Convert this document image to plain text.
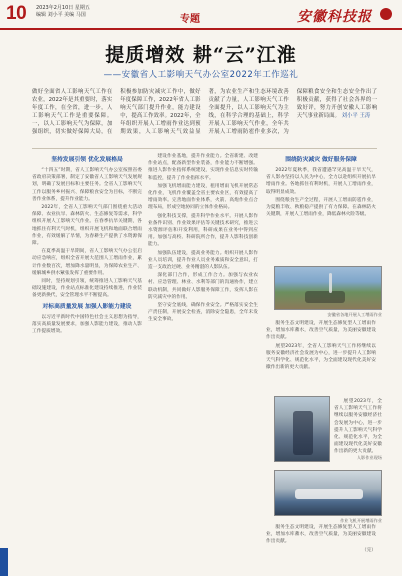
10 2023年2月10日 星期五
编辑 刘小平 美编 马国	专题	安徽科技报
提质增效 耕“云”江淮
——安徽省人工影响天气办公室2022年工作巡礼
做好全面省人工影响天气工作在农业，2022年是其重要时，落实年度工作，在全省，进一步，人工影响天气工作是重要保障。一，以人工影响天气为保障，加强组织，切实做好保障大局，在积极参加防灾减灾工作中，做好年度保障工作，2022年省人工影响天气部门提升作业，能力建设中，提高工作效率。2022年，全年组织开展人工增雨作业达到预期效果，人工影响天气效益显著，为农业生产和生态环境改善贡献了力量，人工影响天气工作全面提升，以人工影响天气为主线，在科学合理的基础上，科学开展人工影响天气作业，全年共开展人工增雨防雹作业多次，为保障粮食安全和生态安全作出了积极贡献，获得了社会各界的一致好评，努力开创安徽人工影响天气事业新局面。 刘小平 王涛
坚持发展引领 优化发展格局

“十四五”时期，省人工影响天气办公室按照省委省政府决策部署，制定了安徽省人工影响天气发展规划，明确了发展目标和主要任务。全省人工影响天气工作以服务乡村振兴、保障粮食安全为目标，不断完善作业体系，提升作业能力。

2022年，全省人工影响天气部门围绕重大活动保障、农业抗旱、森林防火、生态修复等需求，科学组织开展人工影响天气作业。在春季抗旱关键期，各地抓住有利天气时机，组织开展飞机和地面联合增雨作业，有效缓解了旱情，为春耕生产提供了水资源保障。

在夏季高温干旱期间，省人工影响天气办公室启动应急响应，组织全省开展大范围人工增雨作业，累计作业数百次，增加降水量明显，为保障农业生产、缓解城乡供水紧张发挥了重要作用。

同时，坚持规划引领，统筹推进人工影响天气基础设施建设，作业站点标准化建设持续推进，作业装备更新换代，安全管理水平不断提高。

对标高质量发展 加强人影能力建设

以习近平新时代中国特色社会主义思想为指导，落实高质量发展要求，加强人影能力建设，推动人影工作提质增效。

建设作业基地，提升作业能力。全省新建、改建作业站点，配备新型作业装备，作业能力不断增强。推进人影作业指挥系统建设，实现作业信息实时传输和监控，提升了作业指挥水平。

加强飞机增雨能力建设，租用增雨飞机开展常态化作业，飞机作业覆盖全省主要农业区，有效提高了增雨效率。完善地面作业体系，火箭、高炮作业点合理布局，形成空地协同的立体作业格局。

强化科技支撑，提升科学作业水平。开展人影作业条件识别、作业效果评估等关键技术研究，推进云水资源评估和开发利用，科研成果在业务中得到应用。加强与高校、科研院所合作，提升人影科技创新能力。

加强队伍建设，提高业务能力。组织开展人影作业人员培训，提升作业人员业务素质和安全意识，打造一支政治过硬、业务精湛的人影队伍。

深化部门合作，形成工作合力。加强与农业农村、应急管理、林业、水利等部门的沟通协作，建立联动机制，共同做好人影服务保障工作，发挥人影在防灾减灾中的作用。

坚守安全底线，确保作业安全。严格落实安全生产责任制，开展安全检查，消除安全隐患，全年未发生安全事故。

围绕防灾减灾 做好服务保障

2022年夏秋季，我省遭遇罕见高温干旱天气，省人影办坚持以人民为中心，全力以赴组织开展抗旱增雨作业。各地抓住有利时机，开展人工增雨作业，取得明显成效。

围绕粮食生产全过程，开展人工增雨防雹作业，为夏粮丰收、秋粮稳产提供了有力保障。在森林防火关键期，开展人工增雨作业，降低森林火险等级。

服务生态文明建设，开展生态修复型人工增雨作业，增加水库蓄水，改善空气质量，为美丽安徽建设作出贡献。

展望2023年，全省人工影响天气工作将继续以服务安徽经济社会发展为中心，进一步提升人工影响天气科学化、规范化水平，为全面建设现代化美好安徽作出新的更大贡献。

展望2023年，全省人工影响天气工作将继续以服务安徽经济社会发展为中心，进一步提升人工影响天气科学化、规范化水平，为全面建设现代化美好安徽作出新的更大贡献。

服务生态文明建设，开展生态修复型人工增雨作业，增加水库蓄水，改善空气质量，为美丽安徽建设作出贡献。

（完）
安徽省各地开展人工增雨作业
人影作业现场
作业飞机开展增雨作业
